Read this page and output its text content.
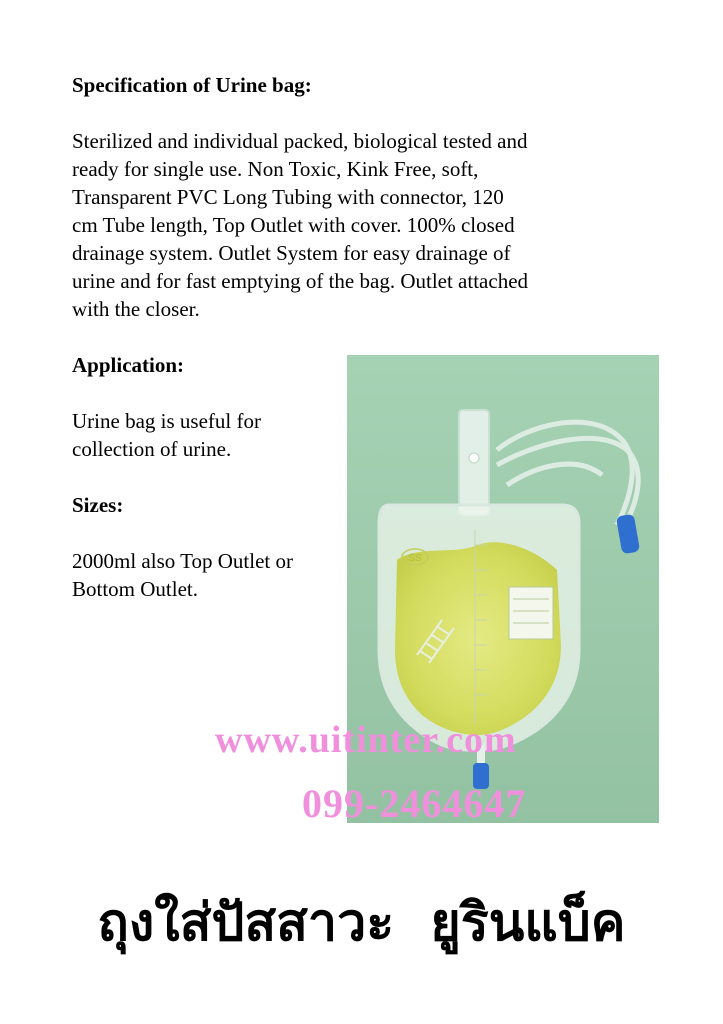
Specification of Urine bag:

Sterilized and individual packed, biological tested and
ready for single use. Non Toxic, Kink Free, soft,
Transparent PVC Long Tubing with connector, 120
cm Tube length, Top Outlet with cover. 100% closed
drainage system. Outlet System for easy drainage of
urine and for fast emptying of the bag. Outlet attached
with the closer.

Application:

Urine bag is useful for
collection of urine.

Sizes:

2000ml also Top Outlet or
Bottom Outlet.

SS
www.uitinter.com
099-2464647
ถุงใส่ปัสสาวะ ยูรินแบ็ค
